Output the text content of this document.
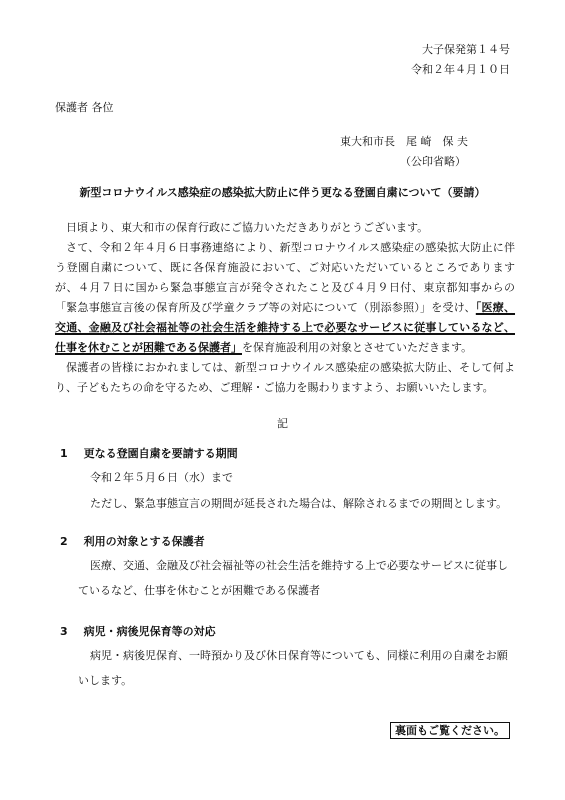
大子保発第１４号
令和２年４月１０日
保護者 各位
東大和市長　尾 崎　保 夫
（公印省略）
新型コロナウイルス感染症の感染拡大防止に伴う更なる登園自粛について（要請）

日頃より、東大和市の保育行政にご協力いただきありがとうございます。

さて、令和２年４月６日事務連絡により、新型コロナウイルス感染症の感染拡大防止に伴う登園自粛について、既に各保育施設において、ご対応いただいているところでありますが、４月７日に国から緊急事態宣言が発令されたこと及び４月９日付、東京都知事からの「緊急事態宣言後の保育所及び学童クラブ等の対応について（別添参照）」を受け、「医療、交通、金融及び社会福祉等の社会生活を維持する上で必要なサービスに従事しているなど、仕事を休むことが困難である保護者」を保育施設利用の対象とさせていただきます。

保護者の皆様におかれましては、新型コロナウイルス感染症の感染拡大防止、そして何より、子どもたちの命を守るため、ご理解・ご協力を賜わりますよう、お願いいたします。

記
1 更なる登園自粛を要請する期間
令和２年５月６日（水）まで
ただし、緊急事態宣言の期間が延長された場合は、解除されるまでの期間とします。
2 利用の対象とする保護者
医療、交通、金融及び社会福祉等の社会生活を維持する上で必要なサービスに従事しているなど、仕事を休むことが困難である保護者
3 病児・病後児保育等の対応
病児・病後児保育、一時預かり及び休日保育等についても、同様に利用の自粛をお願いします。
裏面もご覧ください。
